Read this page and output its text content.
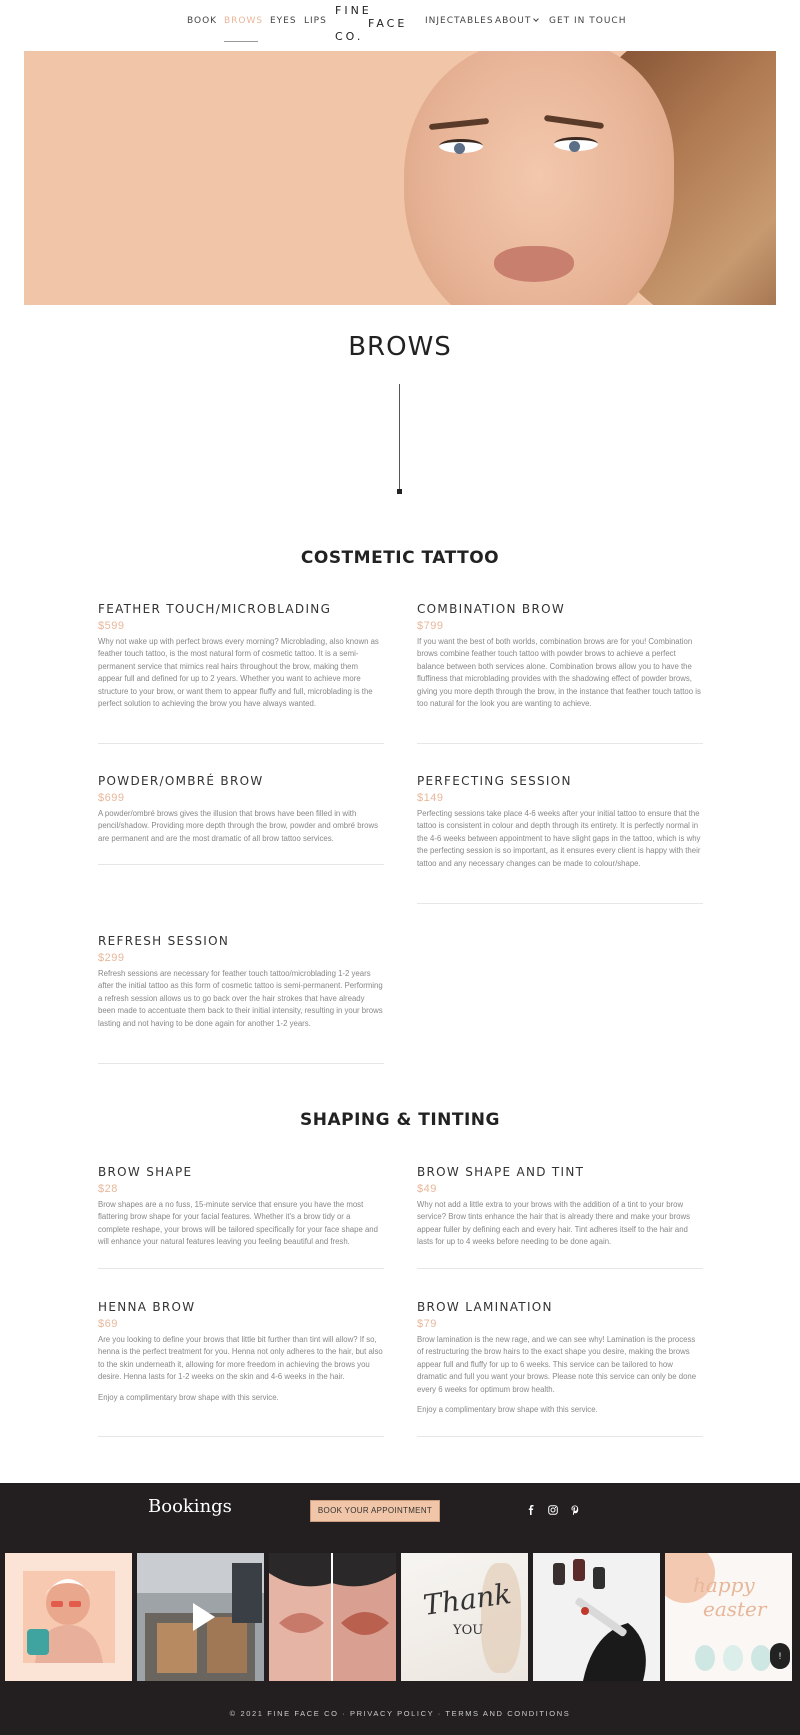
BOOK BROWS EYES LIPS
FINE
FACE
CO.
INJECTABLES ABOUT	GET IN TOUCH
BROWS
COSTMETIC TATTOO
FEATHER TOUCH/MICROBLADING
$599
Why not wake up with perfect brows every morning? Microblading, also known as feather touch tattoo, is the most natural form of cosmetic tattoo. It is a semi-permanent service that mimics real hairs throughout the brow, making them appear full and defined for up to 2 years. Whether you want to achieve more structure to your brow, or want them to appear fluffy and full, microblading is the perfect solution to achieving the brow you have always wanted.
COMBINATION BROW
$799
If you want the best of both worlds, combination brows are for you! Combination brows combine feather touch tattoo with powder brows to achieve a perfect balance between both services alone. Combination brows allow you to have the fluffiness that microblading provides with the shadowing effect of powder brows, giving you more depth through the brow, in the instance that feather touch tattoo is too natural for the look you are wanting to achieve.
POWDER/OMBRÉ BROW
$699
A powder/ombré brows gives the illusion that brows have been filled in with pencil/shadow. Providing more depth through the brow, powder and ombré brows are permanent and are the most dramatic of all brow tattoo services.
PERFECTING SESSION
$149
Perfecting sessions take place 4-6 weeks after your initial tattoo to ensure that the tattoo is consistent in colour and depth through its entirety. It is perfectly normal in the 4-6 weeks between appointment to have slight gaps in the tattoo, which is why the perfecting session is so important, as it ensures every client is happy with their tattoo and any necessary changes can be made to colour/shape.
REFRESH SESSION
$299
Refresh sessions are necessary for feather touch tattoo/microblading 1-2 years after the initial tattoo as this form of cosmetic tattoo is semi-permanent. Performing a refresh session allows us to go back over the hair strokes that have already been made to accentuate them back to their initial intensity, resulting in your brows lasting and not having to be done again for another 1-2 years.
SHAPING & TINTING
BROW SHAPE
$28
Brow shapes are a no fuss, 15-minute service that ensure you have the most flattering brow shape for your facial features. Whether it's a brow tidy or a complete reshape, your brows will be tailored specifically for your face shape and will enhance your natural features leaving you feeling beautiful and fresh.
BROW SHAPE AND TINT
$49
Why not add a little extra to your brows with the addition of a tint to your brow service? Brow tints enhance the hair that is already there and make your brows appear fuller by defining each and every hair. Tint adheres itself to the hair and lasts for up to 4 weeks before needing to be done again.
HENNA BROW
$69
Are you looking to define your brows that little bit further than tint will allow? If so, henna is the perfect treatment for you. Henna not only adheres to the hair, but also to the skin underneath it, allowing for more freedom in achieving the brows you desire. Henna lasts for 1-2 weeks on the skin and 4-6 weeks in the hair.
Enjoy a complimentary brow shape with this service.
BROW LAMINATION
$79
Brow lamination is the new rage, and we can see why! Lamination is the process of restructuring the brow hairs to the exact shape you desire, making the brows appear full and fluffy for up to 6 weeks. This service can be tailored to how dramatic and full you want your brows. Please note this service can only be done every 6 weeks for optimum brow health.
Enjoy a complimentary brow shape with this service.
Bookings	BOOK YOUR APPOINTMENT
Thank
YOU
happy
easter
© 2021 FINE FACE CO · PRIVACY POLICY · TERMS AND CONDITIONS
!
